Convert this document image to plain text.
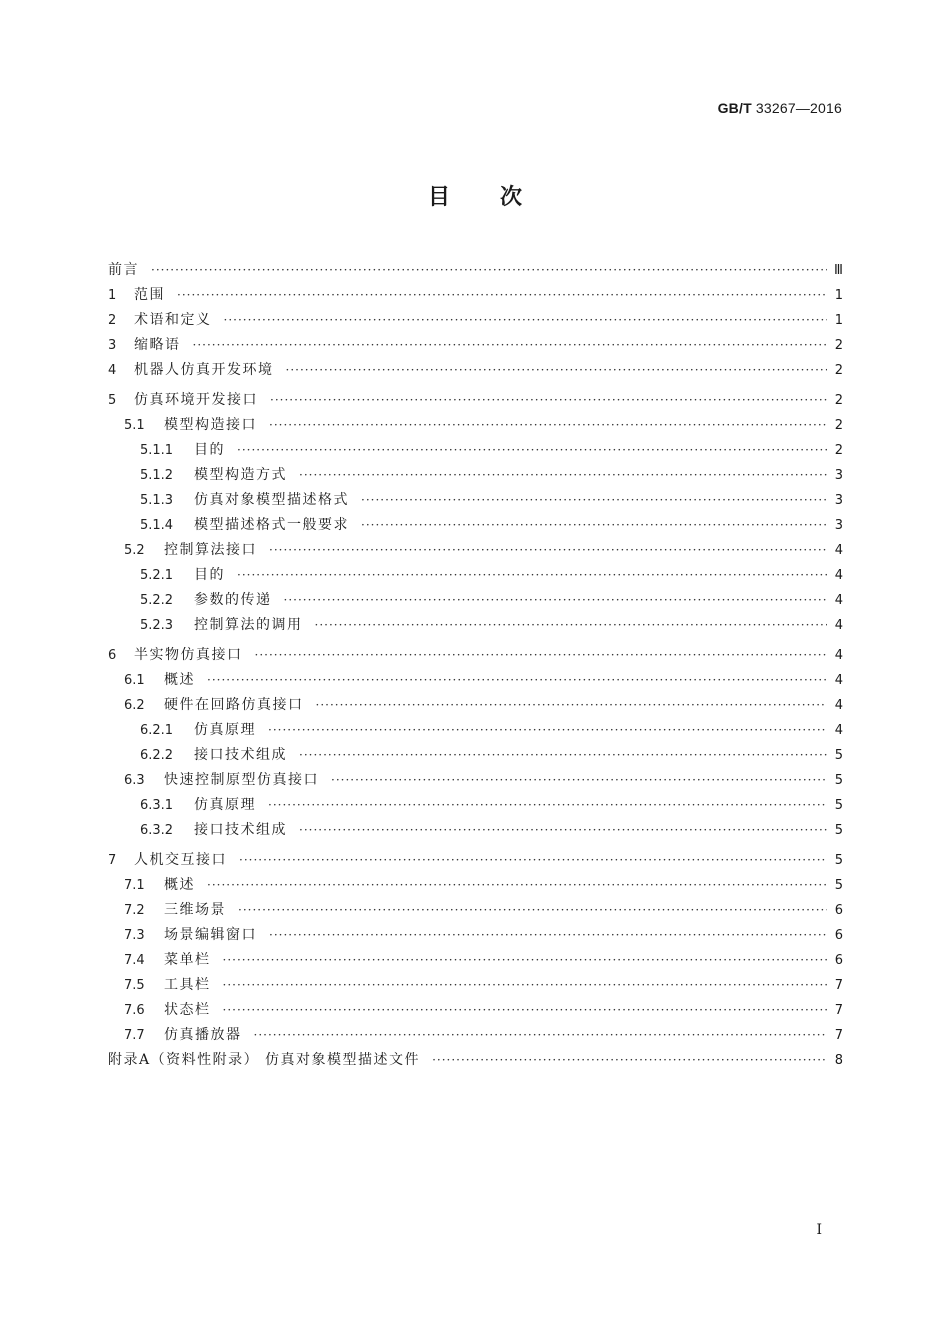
GB/T 33267—2016
目次
前言 ·····	Ⅲ
1	范围 ·····	1
2	术语和定义 ·····	1
3	缩略语 ·····	2
4	机器人仿真开发环境 ·····	2
5	仿真环境开发接口 ·····	2
5.1	模型构造接口 ·····	2
5.1.1	目的 ·····	2
5.1.2	模型构造方式 ·····	3
5.1.3	仿真对象模型描述格式 ·····	3
5.1.4	模型描述格式一般要求 ·····	3
5.2	控制算法接口 ·····	4
5.2.1	目的 ·····	4
5.2.2	参数的传递 ·····	4
5.2.3	控制算法的调用 ·····	4
6	半实物仿真接口 ·····	4
6.1	概述 ·····	4
6.2	硬件在回路仿真接口 ·····	4
6.2.1	仿真原理 ·····	4
6.2.2	接口技术组成 ·····	5
6.3	快速控制原型仿真接口 ·····	5
6.3.1	仿真原理 ·····	5
6.3.2	接口技术组成 ·····	5
7	人机交互接口 ·····	5
7.1	概述 ·····	5
7.2	三维场景 ·····	6
7.3	场景编辑窗口 ·····	6
7.4	菜单栏 ·····	6
7.5	工具栏 ·····	7
7.6	状态栏 ·····	7
7.7	仿真播放器 ·····	7
附录A（资料性附录） 仿真对象模型描述文件 ·····	8
I
